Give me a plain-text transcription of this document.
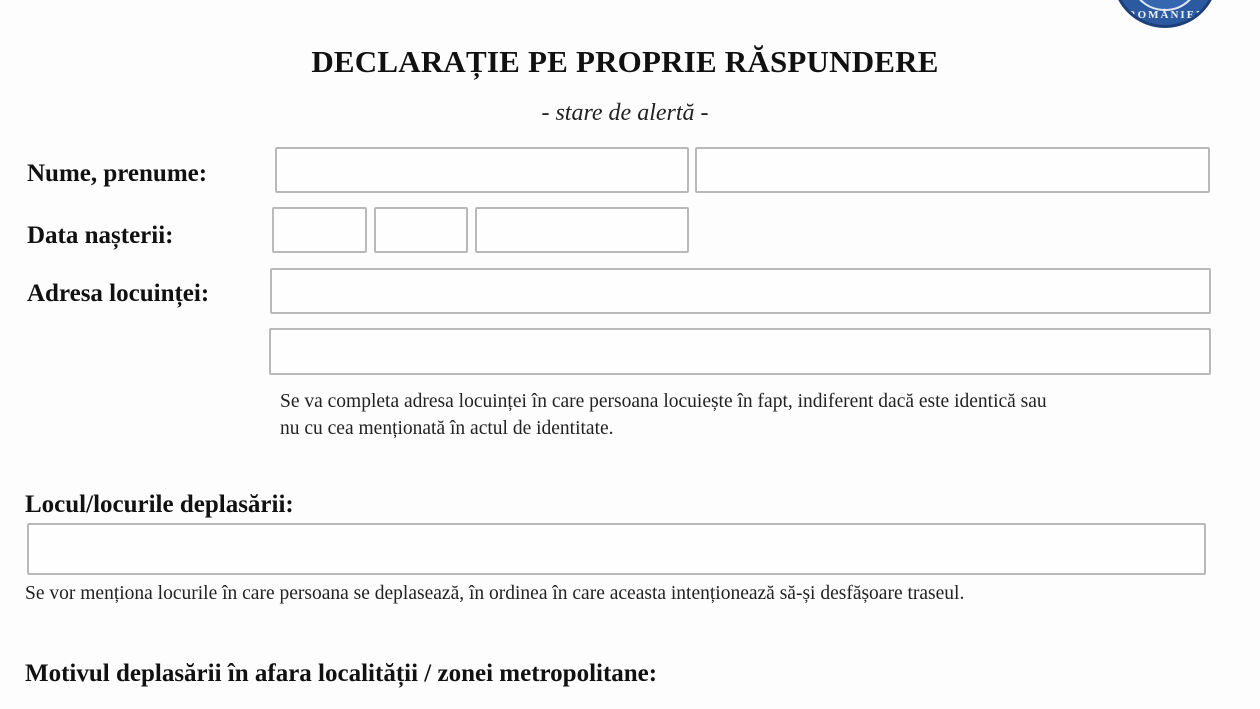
ROMÂNIEI
DECLARAȚIE PE PROPRIE RĂSPUNDERE
- stare de alertă -
Nume, prenume:
Data nașterii:
Adresa locuinței:
Se va completa adresa locuinței în care persoana locuiește în fapt, indiferent dacă este identică sau
nu cu cea menționată în actul de identitate.
Locul/locurile deplasării:
Se vor menționa locurile în care persoana se deplasează, în ordinea în care aceasta intenționează să-și desfășoare traseul.
Motivul deplasării în afara localității / zonei metropolitane:
